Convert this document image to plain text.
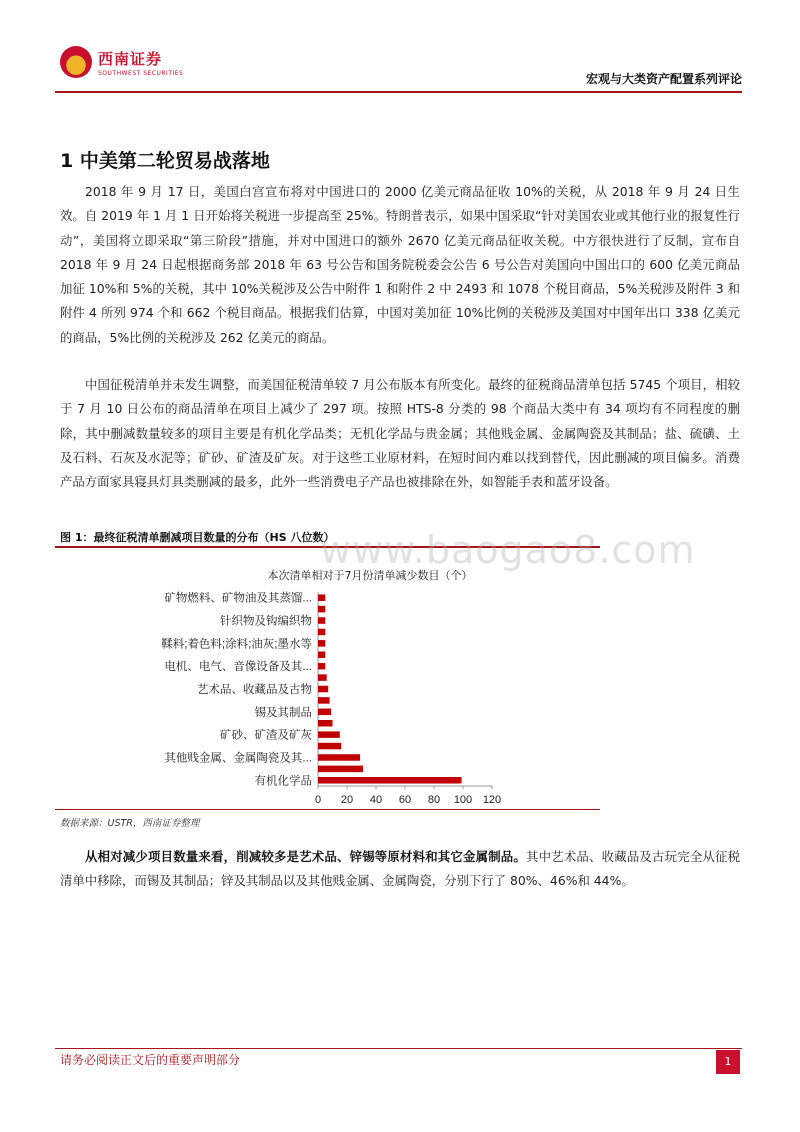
西南证券
SOUTHWEST SECURITIES	宏观与大类资产配置系列评论
1 中美第二轮贸易战落地
2018 年 9 月 17 日，美国白宫宣布将对中国进口的 2000 亿美元商品征收 10%的关税，从 2018 年 9 月 24 日生效。自 2019 年 1 月 1 日开始将关税进一步提高至 25%。特朗普表示，如果中国采取“针对美国农业或其他行业的报复性行动”，美国将立即采取“第三阶段”措施，并对中国进口的额外 2670 亿美元商品征收关税。中方很快进行了反制，宣布自 2018 年 9 月 24 日起根据商务部 2018 年 63 号公告和国务院税委会公告 6 号公告对美国向中国出口的 600 亿美元商品加征 10%和 5%的关税，其中 10%关税涉及公告中附件 1 和附件 2 中 2493 和 1078 个税目商品，5%关税涉及附件 3 和附件 4 所列 974 个和 662 个税目商品。根据我们估算，中国对美加征 10%比例的关税涉及美国对中国年出口 338 亿美元的商品，5%比例的关税涉及 262 亿美元的商品。
中国征税清单并未发生调整，而美国征税清单较 7 月公布版本有所变化。最终的征税商品清单包括 5745 个项目，相较于 7 月 10 日公布的商品清单在项目上减少了 297 项。按照 HTS-8 分类的 98 个商品大类中有 34 项均有不同程度的删除，其中删减数量较多的项目主要是有机化学品类；无机化学品与贵金属；其他贱金属、金属陶瓷及其制品；盐、硫磺、土及石料、石灰及水泥等；矿砂、矿渣及矿灰。对于这些工业原材料，在短时间内难以找到替代，因此删减的项目偏多。消费产品方面家具寝具灯具类删减的最多，此外一些消费电子产品也被排除在外，如智能手表和蓝牙设备。
图 1：最终征税清单删减项目数量的分布（HS 八位数）
www.baogao8.com
本次清单相对于7月份清单减少数目（个）
矿物燃料、矿物油及其蒸馏...
针织物及钩编织物
鞣料;着色料;涂料;油灰;墨水等
电机、电气、音像设备及其...
艺术品、收藏品及古物
锡及其制品
矿砂、矿渣及矿灰
其他贱金属、金属陶瓷及其...
有机化学品
0 20 40 60 80 100 120
数据来源：USTR，西南证券整理
从相对减少项目数量来看，削减较多是艺术品、锌锡等原材料和其它金属制品。其中艺术品、收藏品及古玩完全从征税清单中移除，而锡及其制品；锌及其制品以及其他贱金属、金属陶瓷，分别下行了 80%、46%和 44%。
请务必阅读正文后的重要声明部分	1
